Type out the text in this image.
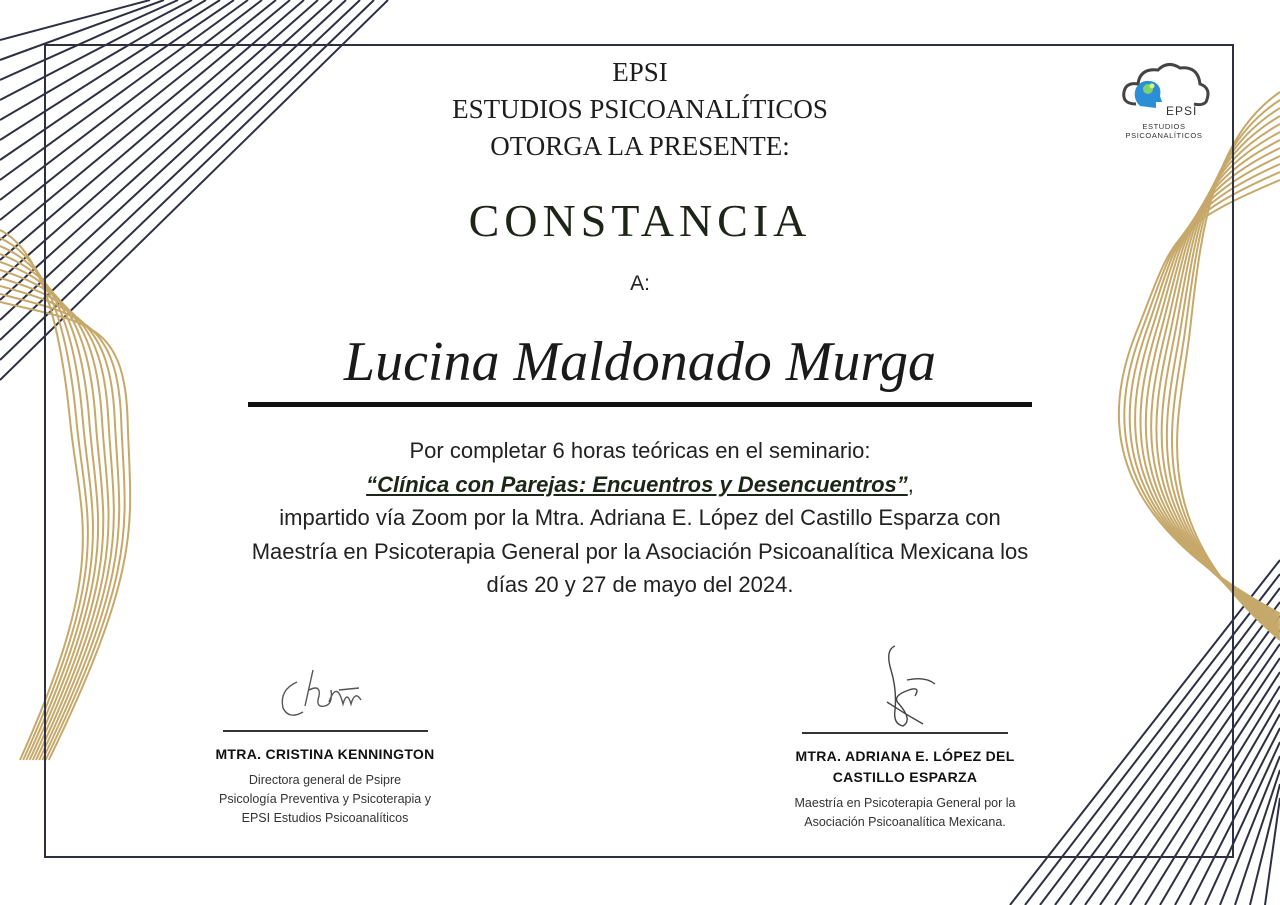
EPSI
ESTUDIOS
PSICOANALÍTICOS
EPSI
ESTUDIOS PSICOANALÍTICOS
OTORGA LA PRESENTE:
CONSTANCIA
A:
Lucina Maldonado Murga

Por completar 6 horas teóricas en el seminario:

“Clínica con Parejas: Encuentros y Desencuentros”,

impartido vía Zoom por la Mtra. Adriana E. López del Castillo Esparza con

Maestría en Psicoterapia General por la Asociación Psicoanalítica Mexicana los

días 20 y 27 de mayo del 2024.

MTRA. CRISTINA KENNINGTON
Directora general de Psipre
Psicología Preventiva y Psicoterapia y
EPSI Estudios Psicoanalíticos
MTRA. ADRIANA E. LÓPEZ DEL
CASTILLO ESPARZA
Maestría en Psicoterapia General por la
Asociación Psicoanalítica Mexicana.
